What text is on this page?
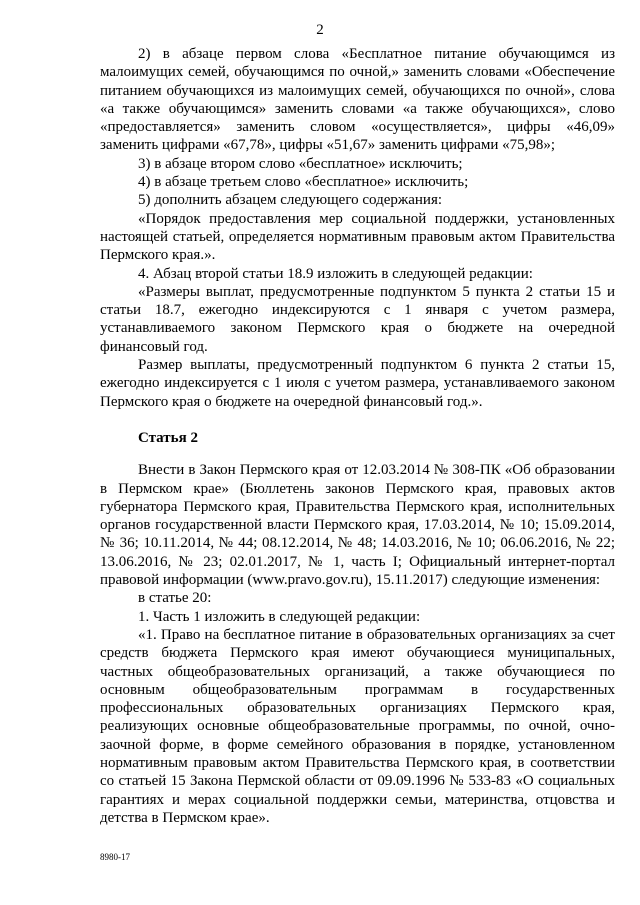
2

2) в абзаце первом слова «Бесплатное питание обучающимся из малоимущих семей, обучающимся по очной,» заменить словами «Обеспечение питанием обучающихся из малоимущих семей, обучающихся по очной», слова «а также обучающимся» заменить словами «а также обучающихся», слово «предоставляется» заменить словом «осуществляется», цифры «46,09» заменить цифрами «67,78», цифры «51,67» заменить цифрами «75,98»;

3) в абзаце втором слово «бесплатное» исключить;

4) в абзаце третьем слово «бесплатное» исключить;

5) дополнить абзацем следующего содержания:

«Порядок предоставления мер социальной поддержки, установленных настоящей статьей, определяется нормативным правовым актом Правительства Пермского края.».

4. Абзац второй статьи 18.9 изложить в следующей редакции:

«Размеры выплат, предусмотренные подпунктом 5 пункта 2 статьи 15 и статьи 18.7, ежегодно индексируются с 1 января с учетом размера, устанавливаемого законом Пермского края о бюджете на очередной финансовый год.

Размер выплаты, предусмотренный подпунктом 6 пункта 2 статьи 15, ежегодно индексируется с 1 июля с учетом размера, устанавливаемого законом Пермского края о бюджете на очередной финансовый год.».

Статья 2

Внести в Закон Пермского края от 12.03.2014 № 308-ПК «Об образовании в Пермском крае» (Бюллетень законов Пермского края, правовых актов губернатора Пермского края, Правительства Пермского края, исполнительных органов государственной власти Пермского края, 17.03.2014, № 10; 15.09.2014, № 36; 10.11.2014, № 44; 08.12.2014, № 48; 14.03.2016, № 10; 06.06.2016, № 22; 13.06.2016, № 23; 02.01.2017, № 1, часть I; Официальный интернет-портал правовой информации (www.pravo.gov.ru), 15.11.2017) следующие изменения:

в статье 20:

1. Часть 1 изложить в следующей редакции:

«1. Право на бесплатное питание в образовательных организациях за счет средств бюджета Пермского края имеют обучающиеся муниципальных, частных общеобразовательных организаций, а также обучающиеся по основным общеобразовательным программам в государственных профессиональных образовательных организациях Пермского края, реализующих основные общеобразовательные программы, по очной, очно-заочной форме, в форме семейного образования в порядке, установленном нормативным правовым актом Правительства Пермского края, в соответствии со статьей 15 Закона Пермской области от 09.09.1996 № 533-83 «О социальных гарантиях и мерах социальной поддержки семьи, материнства, отцовства и детства в Пермском крае».

8980-17
